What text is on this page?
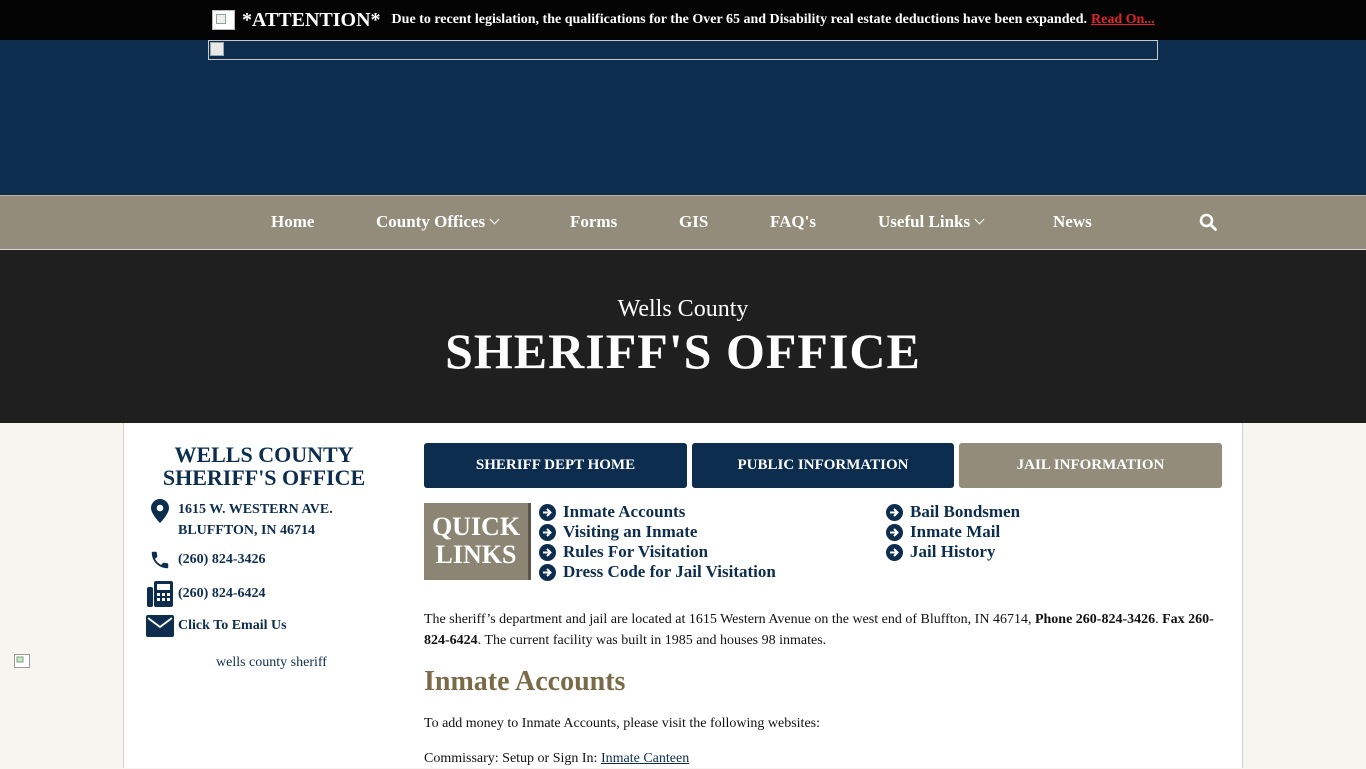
*ATTENTION* Due to recent legislation, the qualifications for the Over 65 and Disability real estate deductions have been expanded. Read On...
Home	County Offices	Forms	GIS	FAQ's	Useful Links	News
Wells County
SHERIFF'S OFFICE
WELLS COUNTY
SHERIFF'S OFFICE
1615 W. WESTERN AVE.
BLUFFTON, IN 46714
(260) 824-3426
(260) 824-6424
Click To Email Us
wells county sheriff
SHERIFF DEPT HOME	PUBLIC INFORMATION	JAIL INFORMATION
QUICK
LINKS
Inmate Accounts
Visiting an Inmate
Rules For Visitation
Dress Code for Jail Visitation
Bail Bondsmen
Inmate Mail
Jail History
The sheriff’s department and jail are located at 1615 Western Avenue on the west end of Bluffton, IN 46714, Phone 260-824-3426. Fax 260-824-6424. The current facility was built in 1985 and houses 98 inmates.
Inmate Accounts
To add money to Inmate Accounts, please visit the following websites:
Commissary: Setup or Sign In: Inmate Canteen
